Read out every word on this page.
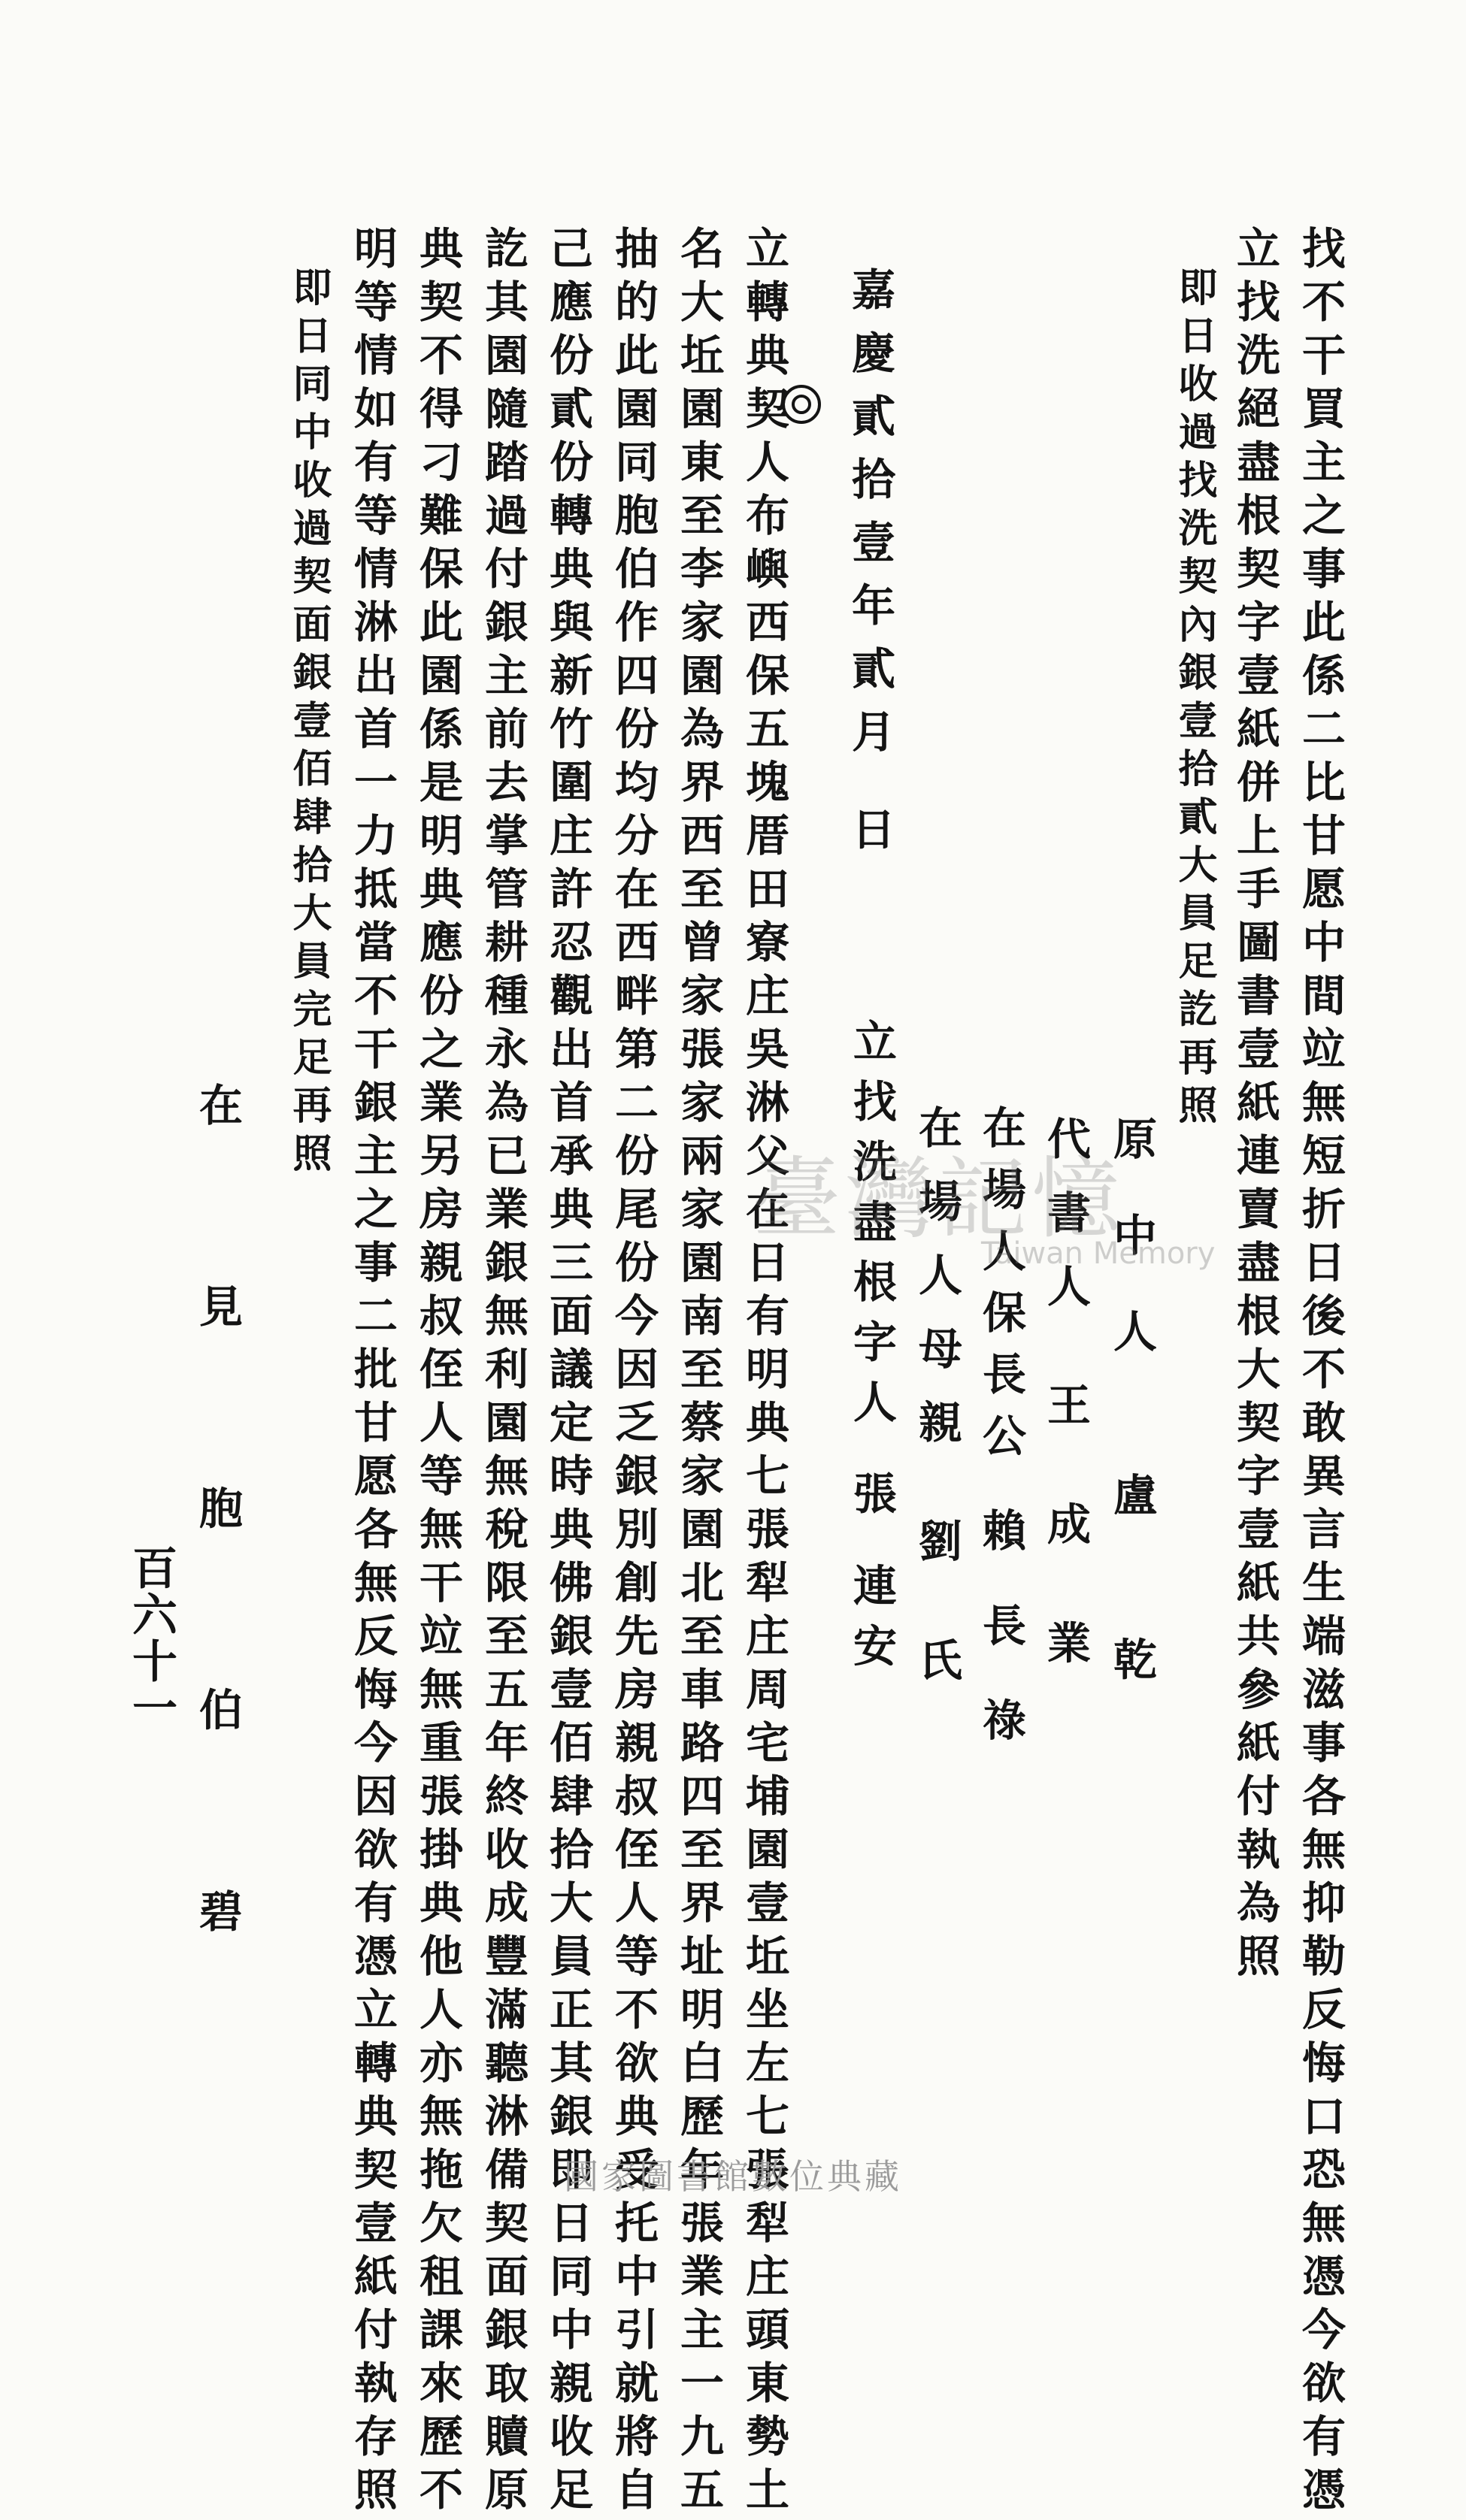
找不干買主之事此係二比甘愿中間竝無短折日後不敢異言生端滋事各無抑勒反悔口恐無憑今欲有憑
立找洗絕盡根契字壹紙併上手圖書壹紙連賣盡根大契字壹紙共參紙付執為照
即日收過找洗契內銀壹拾貳大員足訖再照
原中人 盧 乾
代書人 王 成 業
在場人保長公 賴 長 祿
在場人母親 劉 氏
立找洗盡根字人 張 連安
嘉慶貳拾壹年貳月 日
立轉典契人布嶼西保五塊厝田寮庄吳淋父在日有明典七張犁庄周宅埔園壹坵坐左七張犁庄頭東勢土
名大坵園東至李家園為界西至曾家張家兩家園南至蔡家園北至車路四至界址明白歷年張業主一九五
抽的此園同胞伯作四份均分在西畔第二份尾份今因乏銀別創先房親叔侄人等不欲典受托中引就將自
己應份貳份轉典與新竹圍庄許忍觀出首承典三面議定時典佛銀壹佰肆拾大員正其銀即日同中親收足
訖其園隨踏過付銀主前去掌管耕種永為已業銀無利園無稅限至五年終收成豐滿聽淋備契面銀取贖原
典契不得刁難保此園係是明典應份之業另房親叔侄人等無干竝無重張掛典他人亦無拖欠租課來歷不
明等情如有等情淋出首一力抵當不干銀主之事二批甘愿各無反悔今因欲有憑立轉典契壹紙付執存照
即日同中收過契面銀壹佰肆拾大員完足再照
在 見 胞 伯 碧
百六十一
臺灣記憶
Taiwan Memory
國家圖書館數位典藏
